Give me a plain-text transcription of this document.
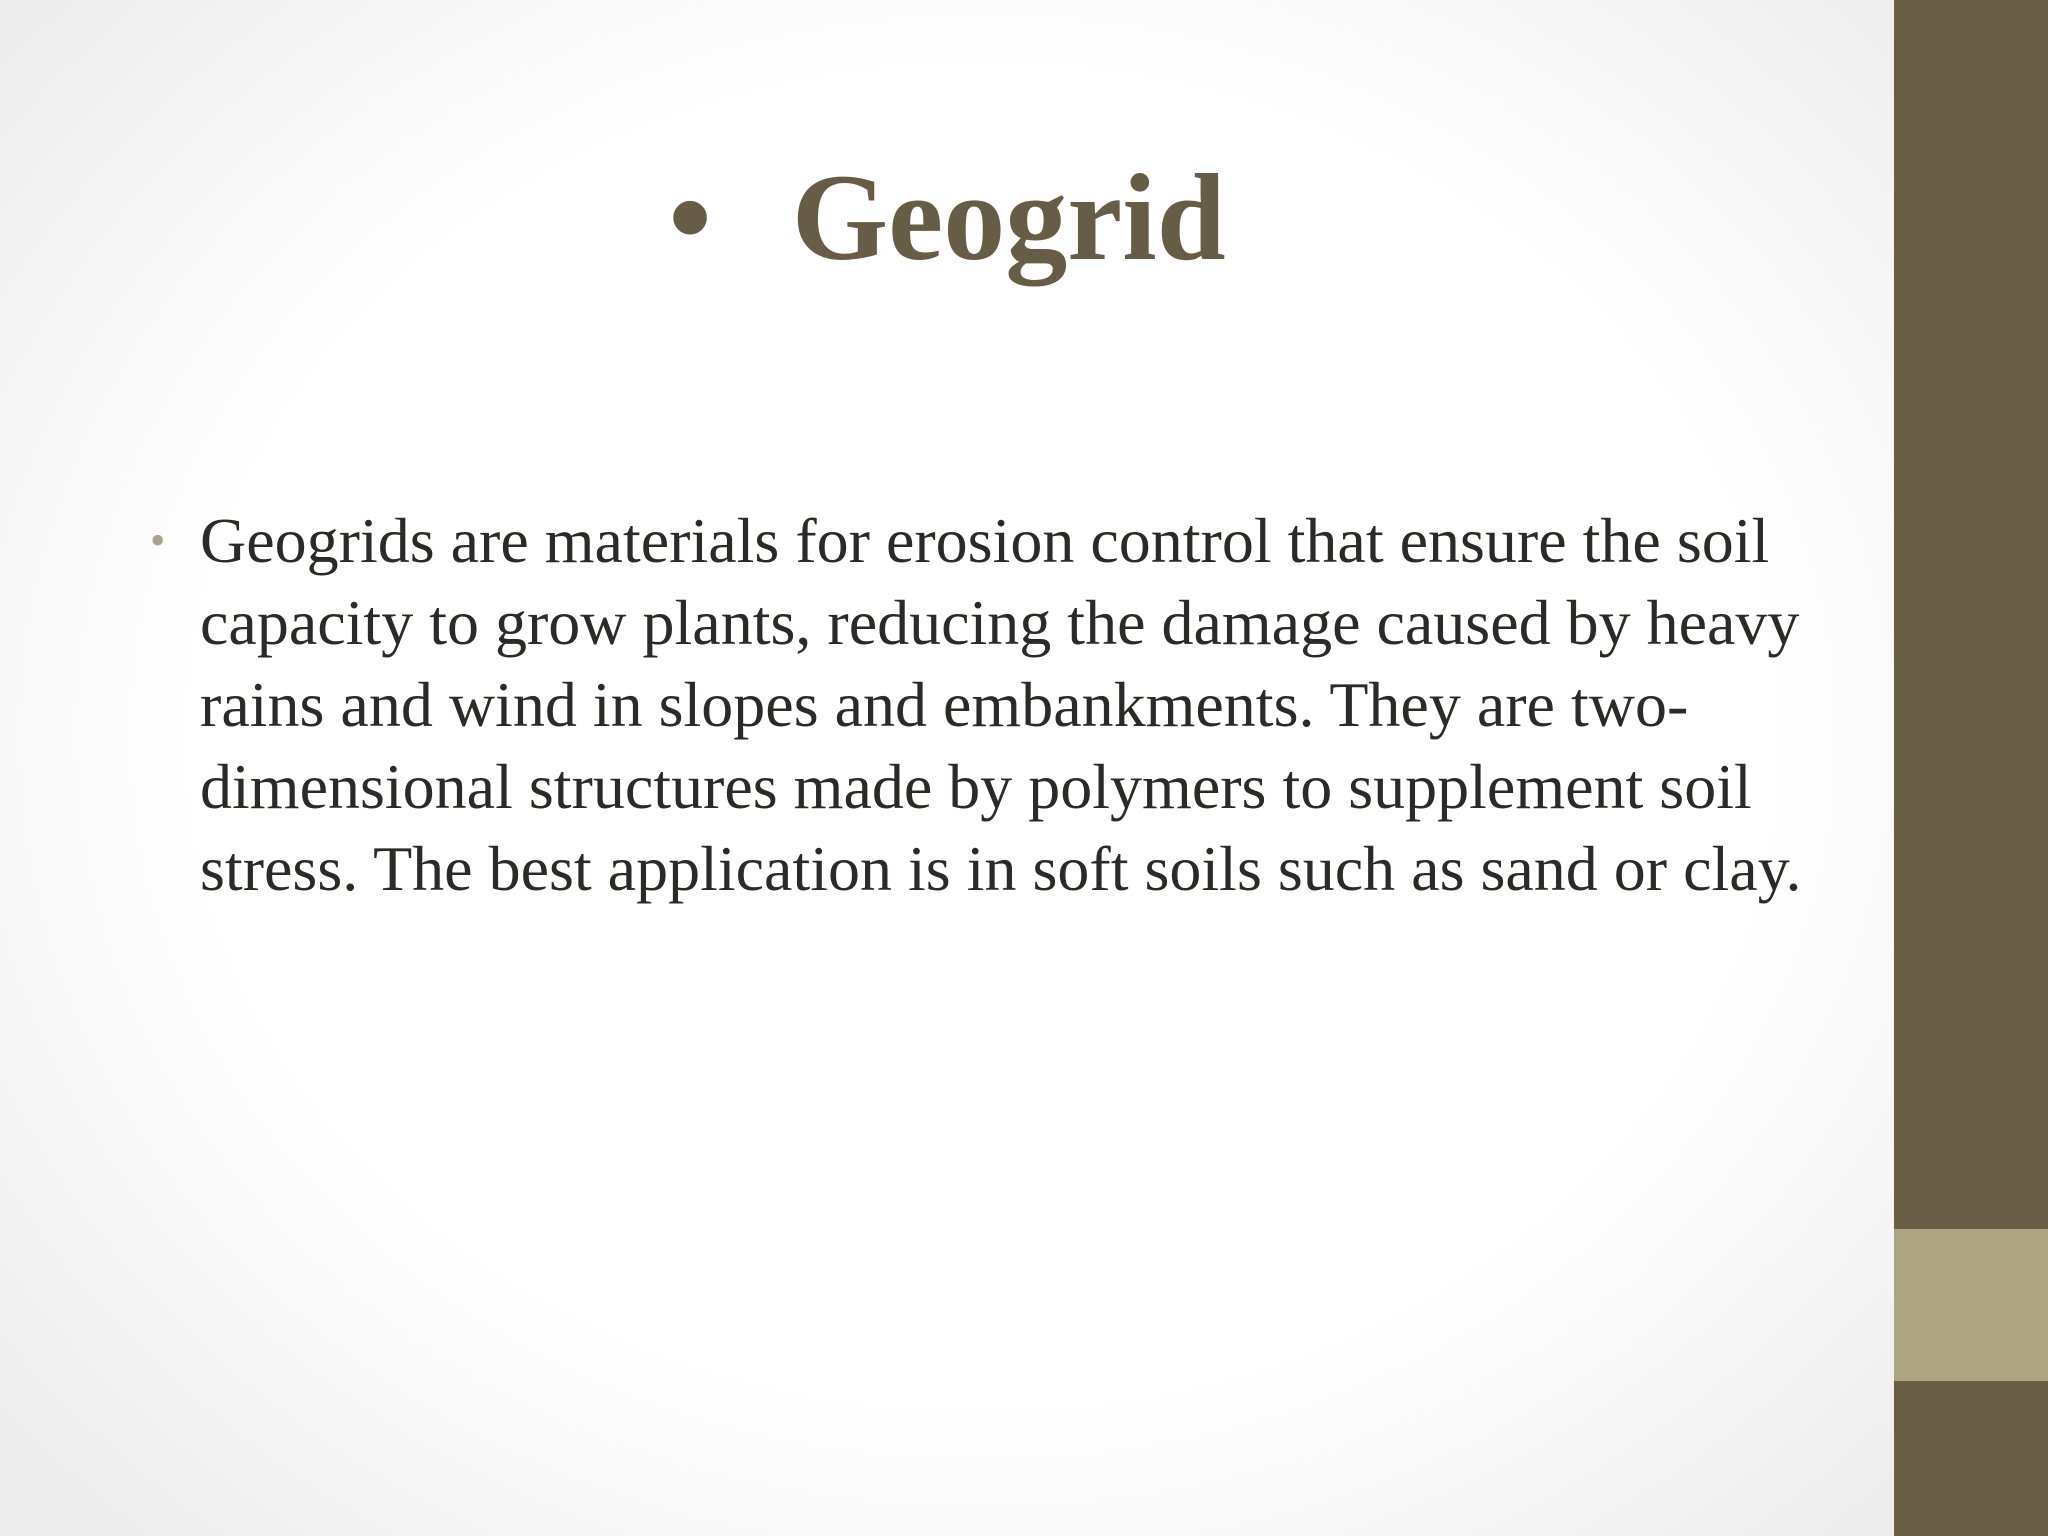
• Geogrid

• Geogrids are materials for erosion control that ensure the soil capacity to grow plants, reducing the damage caused by heavy rains and wind in slopes and embankments. They are two-dimensional structures made by polymers to supplement soil stress. The best application is in soft soils such as sand or clay.
